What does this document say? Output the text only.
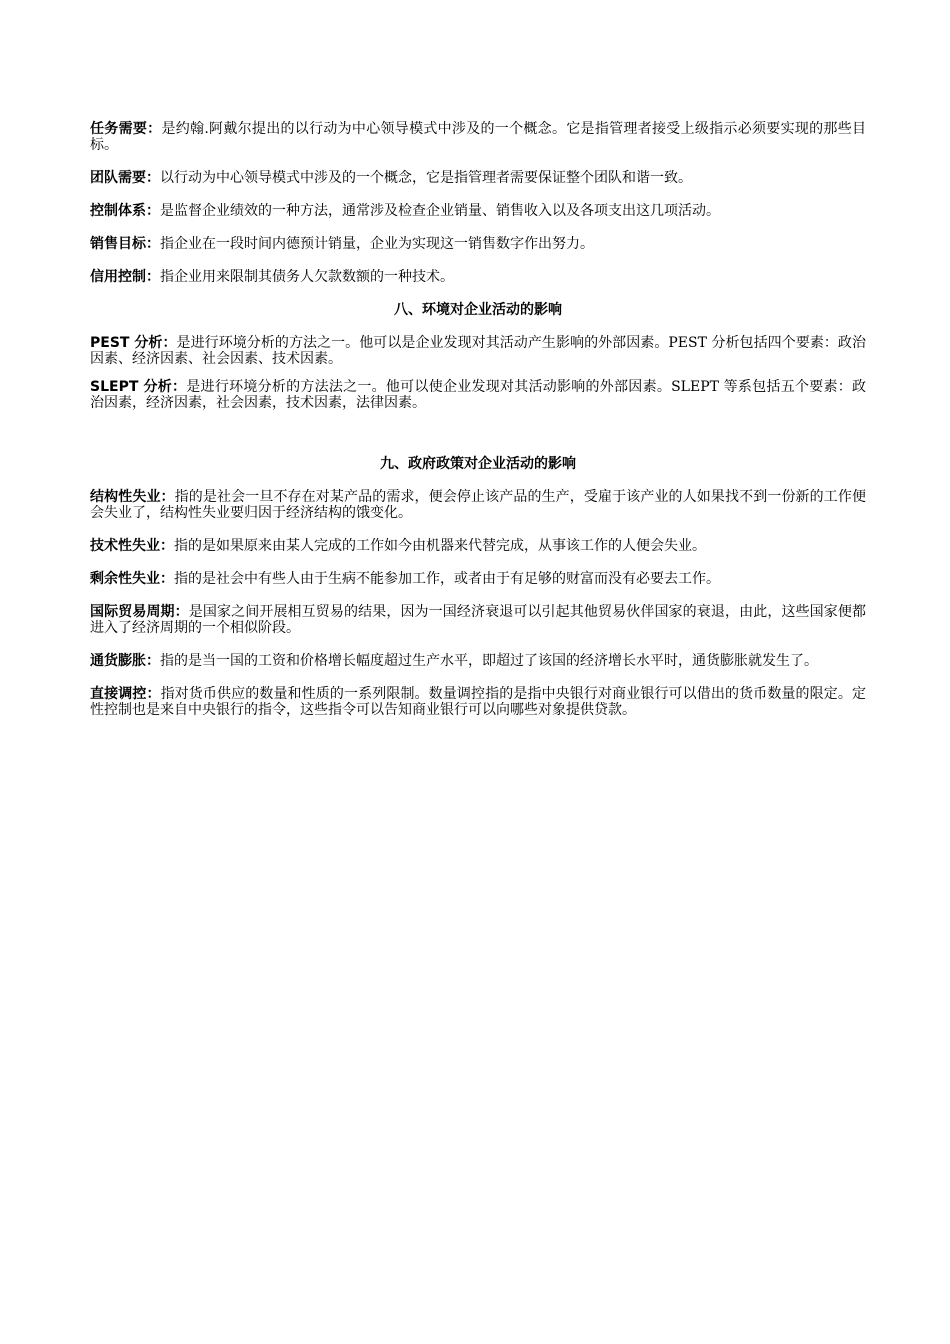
任务需要：是约翰.阿戴尔提出的以行动为中心领导模式中涉及的一个概念。它是指管理者接受上级指示必须要实现的那些目标。

团队需要：以行动为中心领导模式中涉及的一个概念，它是指管理者需要保证整个团队和谐一致。

控制体系：是监督企业绩效的一种方法，通常涉及检查企业销量、销售收入以及各项支出这几项活动。

销售目标：指企业在一段时间内德预计销量，企业为实现这一销售数字作出努力。

信用控制：指企业用来限制其债务人欠款数额的一种技术。

八、环境对企业活动的影响

PEST 分析：是进行环境分析的方法之一。他可以是企业发现对其活动产生影响的外部因素。PEST 分析包括四个要素：政治因素、经济因素、社会因素、技术因素。

SLEPT 分析：是进行环境分析的方法法之一。他可以使企业发现对其活动影响的外部因素。SLEPT 等系包括五个要素：政治因素，经济因素，社会因素，技术因素，法律因素。

九、政府政策对企业活动的影响

结构性失业：指的是社会一旦不存在对某产品的需求，便会停止该产品的生产，受雇于该产业的人如果找不到一份新的工作便会失业了，结构性失业要归因于经济结构的饿变化。

技术性失业：指的是如果原来由某人完成的工作如今由机器来代替完成，从事该工作的人便会失业。

剩余性失业：指的是社会中有些人由于生病不能参加工作，或者由于有足够的财富而没有必要去工作。

国际贸易周期：是国家之间开展相互贸易的结果，因为一国经济衰退可以引起其他贸易伙伴国家的衰退，由此，这些国家便都进入了经济周期的一个相似阶段。

通货膨胀：指的是当一国的工资和价格增长幅度超过生产水平，即超过了该国的经济增长水平时，通货膨胀就发生了。

直接调控：指对货币供应的数量和性质的一系列限制。数量调控指的是指中央银行对商业银行可以借出的货币数量的限定。定性控制也是来自中央银行的指令，这些指令可以告知商业银行可以向哪些对象提供贷款。
